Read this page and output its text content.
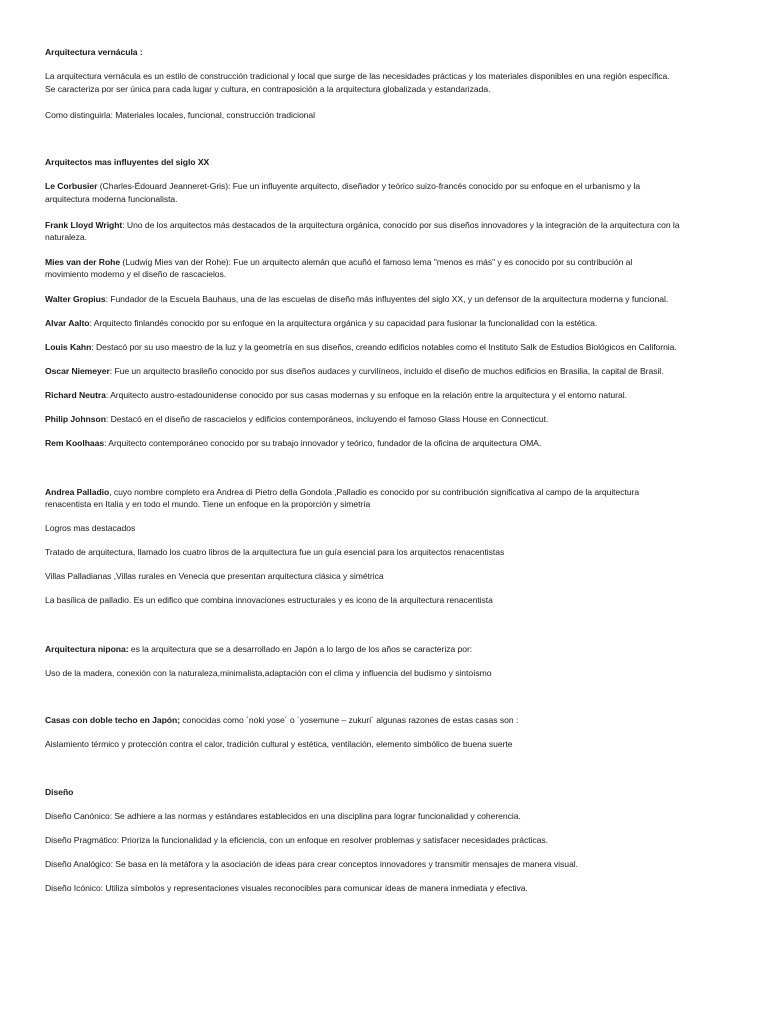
Arquitectura vernácula :
La arquitectura vernácula es un estilo de construcción tradicional y local que surge de las necesidades prácticas y los materiales disponibles en una región específica.
Se caracteriza por ser única para cada lugar y cultura, en contraposición a la arquitectura globalizada y estandarizada.
Como distinguirla: Materiales locales, funcional, construcción tradicional
Arquitectos mas influyentes del siglo XX
Le Corbusier (Charles-Édouard Jeanneret-Gris): Fue un influyente arquitecto, diseñador y teórico suizo-francés conocido por su enfoque en el urbanismo y la
arquitectura moderna funcionalista.
Frank Lloyd Wright: Uno de los arquitectos más destacados de la arquitectura orgánica, conocido por sus diseños innovadores y la integración de la arquitectura con la
naturaleza.
Mies van der Rohe (Ludwig Mies van der Rohe): Fue un arquitecto alemán que acuñó el famoso lema "menos es más" y es conocido por su contribución al
movimiento moderno y el diseño de rascacielos.
Walter Gropius: Fundador de la Escuela Bauhaus, una de las escuelas de diseño más influyentes del siglo XX, y un defensor de la arquitectura moderna y funcional.
Alvar Aalto: Arquitecto finlandés conocido por su enfoque en la arquitectura orgánica y su capacidad para fusionar la funcionalidad con la estética.
Louis Kahn: Destacó por su uso maestro de la luz y la geometría en sus diseños, creando edificios notables como el Instituto Salk de Estudios Biológicos en California.
Oscar Niemeyer: Fue un arquitecto brasileño conocido por sus diseños audaces y curvilíneos, incluido el diseño de muchos edificios en Brasilia, la capital de Brasil.
Richard Neutra: Arquitecto austro-estadounidense conocido por sus casas modernas y su enfoque en la relación entre la arquitectura y el entorno natural.
Philip Johnson: Destacó en el diseño de rascacielos y edificios contemporáneos, incluyendo el famoso Glass House en Connecticut.
Rem Koolhaas: Arquitecto contemporáneo conocido por su trabajo innovador y teórico, fundador de la oficina de arquitectura OMA.
Andrea Palladio, cuyo nombre completo era Andrea di Pietro della Gondola ,Palladio es conocido por su contribución significativa al campo de la arquitectura
renacentista en Italia y en todo el mundo. Tiene un enfoque en la proporción y simetría
Logros mas destacados
Tratado de arquitectura, llamado los cuatro libros de la arquitectura fue un guía esencial para los arquitectos renacentistas
Villas Palladianas ,Villas rurales en Venecia que presentan arquitectura clásica y simétrica
La basílica de palladio. Es un edifico que combina innovaciones estructurales y es icono de la arquitectura renacentista
Arquitectura nipona: es la arquitectura que se a desarrollado en Japón a lo largo de los años se caracteriza por:
Uso de la madera, conexión con la naturaleza,minimalista,adaptación con el clima y influencia del budismo y sintoísmo
Casas con doble techo en Japón; conocidas como ´noki yose´ o ´yosemune – zukuri´ algunas razones de estas casas son :
Aislamiento térmico y protección contra el calor, tradición cultural y estética, ventilación, elemento simbólico de buena suerte
Diseño
Diseño Canónico: Se adhiere a las normas y estándares establecidos en una disciplina para lograr funcionalidad y coherencia.
Diseño Pragmático: Prioriza la funcionalidad y la eficiencia, con un enfoque en resolver problemas y satisfacer necesidades prácticas.
Diseño Analógico: Se basa en la metáfora y la asociación de ideas para crear conceptos innovadores y transmitir mensajes de manera visual.
Diseño Icónico: Utiliza símbolos y representaciones visuales reconocibles para comunicar ideas de manera inmediata y efectiva.
